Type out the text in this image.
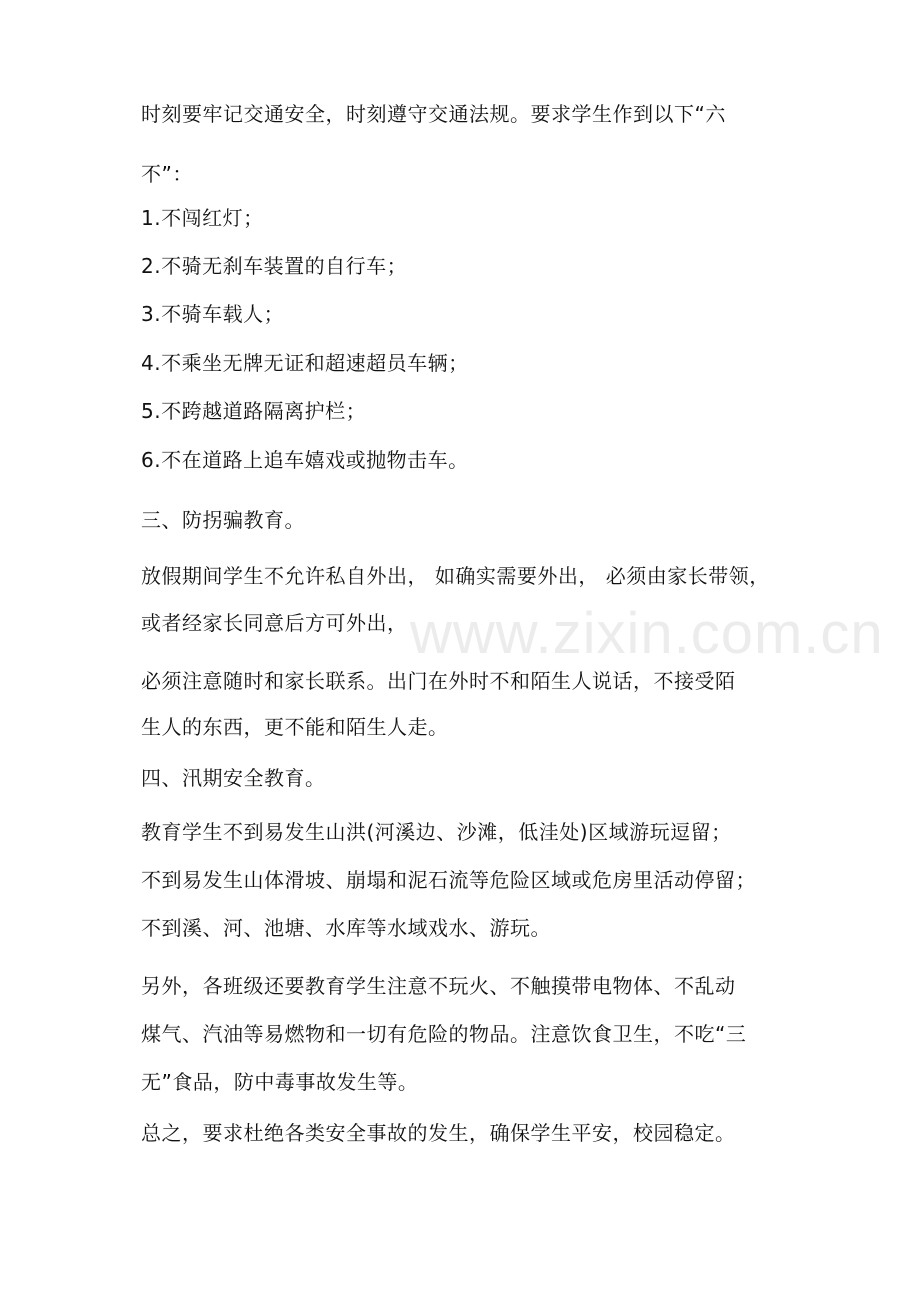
www.zixin.com.cn
时刻要牢记交通安全，时刻遵守交通法规。要求学生作到以下“六
不”：
1.不闯红灯；
2.不骑无刹车装置的自行车；
3.不骑车载人；
4.不乘坐无牌无证和超速超员车辆；
5.不跨越道路隔离护栏；
6.不在道路上追车嬉戏或抛物击车。
三、防拐骗教育。
放假期间学生不允许私自外出， 如确实需要外出， 必须由家长带领，
或者经家长同意后方可外出，
必须注意随时和家长联系。出门在外时不和陌生人说话，不接受陌
生人的东西，更不能和陌生人走。
四、汛期安全教育。
教育学生不到易发生山洪(河溪边、沙滩，低洼处)区域游玩逗留；
不到易发生山体滑坡、崩塌和泥石流等危险区域或危房里活动停留；
不到溪、河、池塘、水库等水域戏水、游玩。
另外，各班级还要教育学生注意不玩火、不触摸带电物体、不乱动
煤气、汽油等易燃物和一切有危险的物品。注意饮食卫生，不吃“三
无”食品，防中毒事故发生等。
总之，要求杜绝各类安全事故的发生，确保学生平安，校园稳定。
